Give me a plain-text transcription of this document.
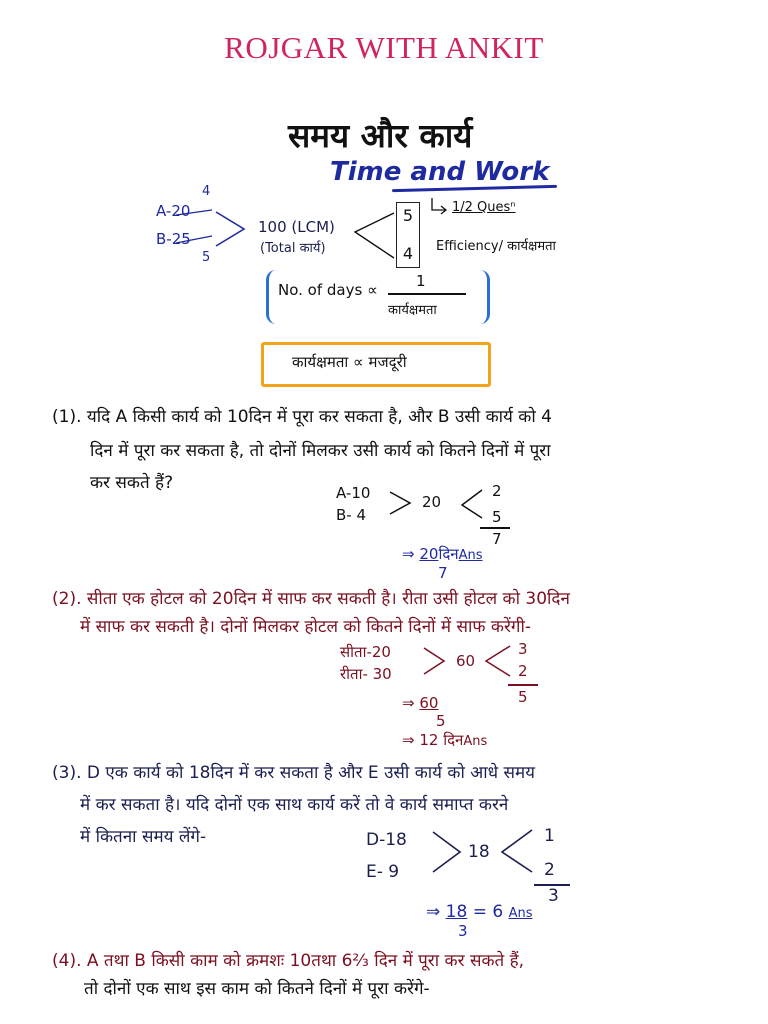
ROJGAR WITH ANKIT
समय और कार्य
Time and Work
A-20
4
B-25
5
100 (LCM)
(Total कार्य)
5
4
1/2 Quesⁿ
Efficiency/ कार्यक्षमता
No. of days ∝	1
कार्यक्षमता
कार्यक्षमता ∝ मजदूरी
(1). यदि A किसी कार्य को 10दिन में पूरा कर सकता है, और B उसी कार्य को 4
दिन में पूरा कर सकता है, तो दोनों मिलकर उसी कार्य को कितने दिनों में पूरा
कर सकते हैं?	A-10
B- 4
20
2
5
7
⇒ 20दिनAns
7
(2). सीता एक होटल को 20दिन में साफ कर सकती है। रीता उसी होटल को 30दिन
में साफ कर सकती है। दोनों मिलकर होटल को कितने दिनों में साफ करेंगी-
सीता-20
रीता- 30
60
3
2
5
⇒ 60
5
⇒ 12 दिनAns
(3). D एक कार्य को 18दिन में कर सकता है और E उसी कार्य को आधे समय
में कर सकता है। यदि दोनों एक साथ कार्य करें तो वे कार्य समाप्त करने
में कितना समय लेंगे-	D-18
E- 9
18
1
2
3
⇒ 18 = 6 Ans
3
(4). A तथा B किसी काम को क्रमशः 10तथा 6⅔ दिन में पूरा कर सकते हैं,
तो दोनों एक साथ इस काम को कितने दिनों में पूरा करेंगे-
